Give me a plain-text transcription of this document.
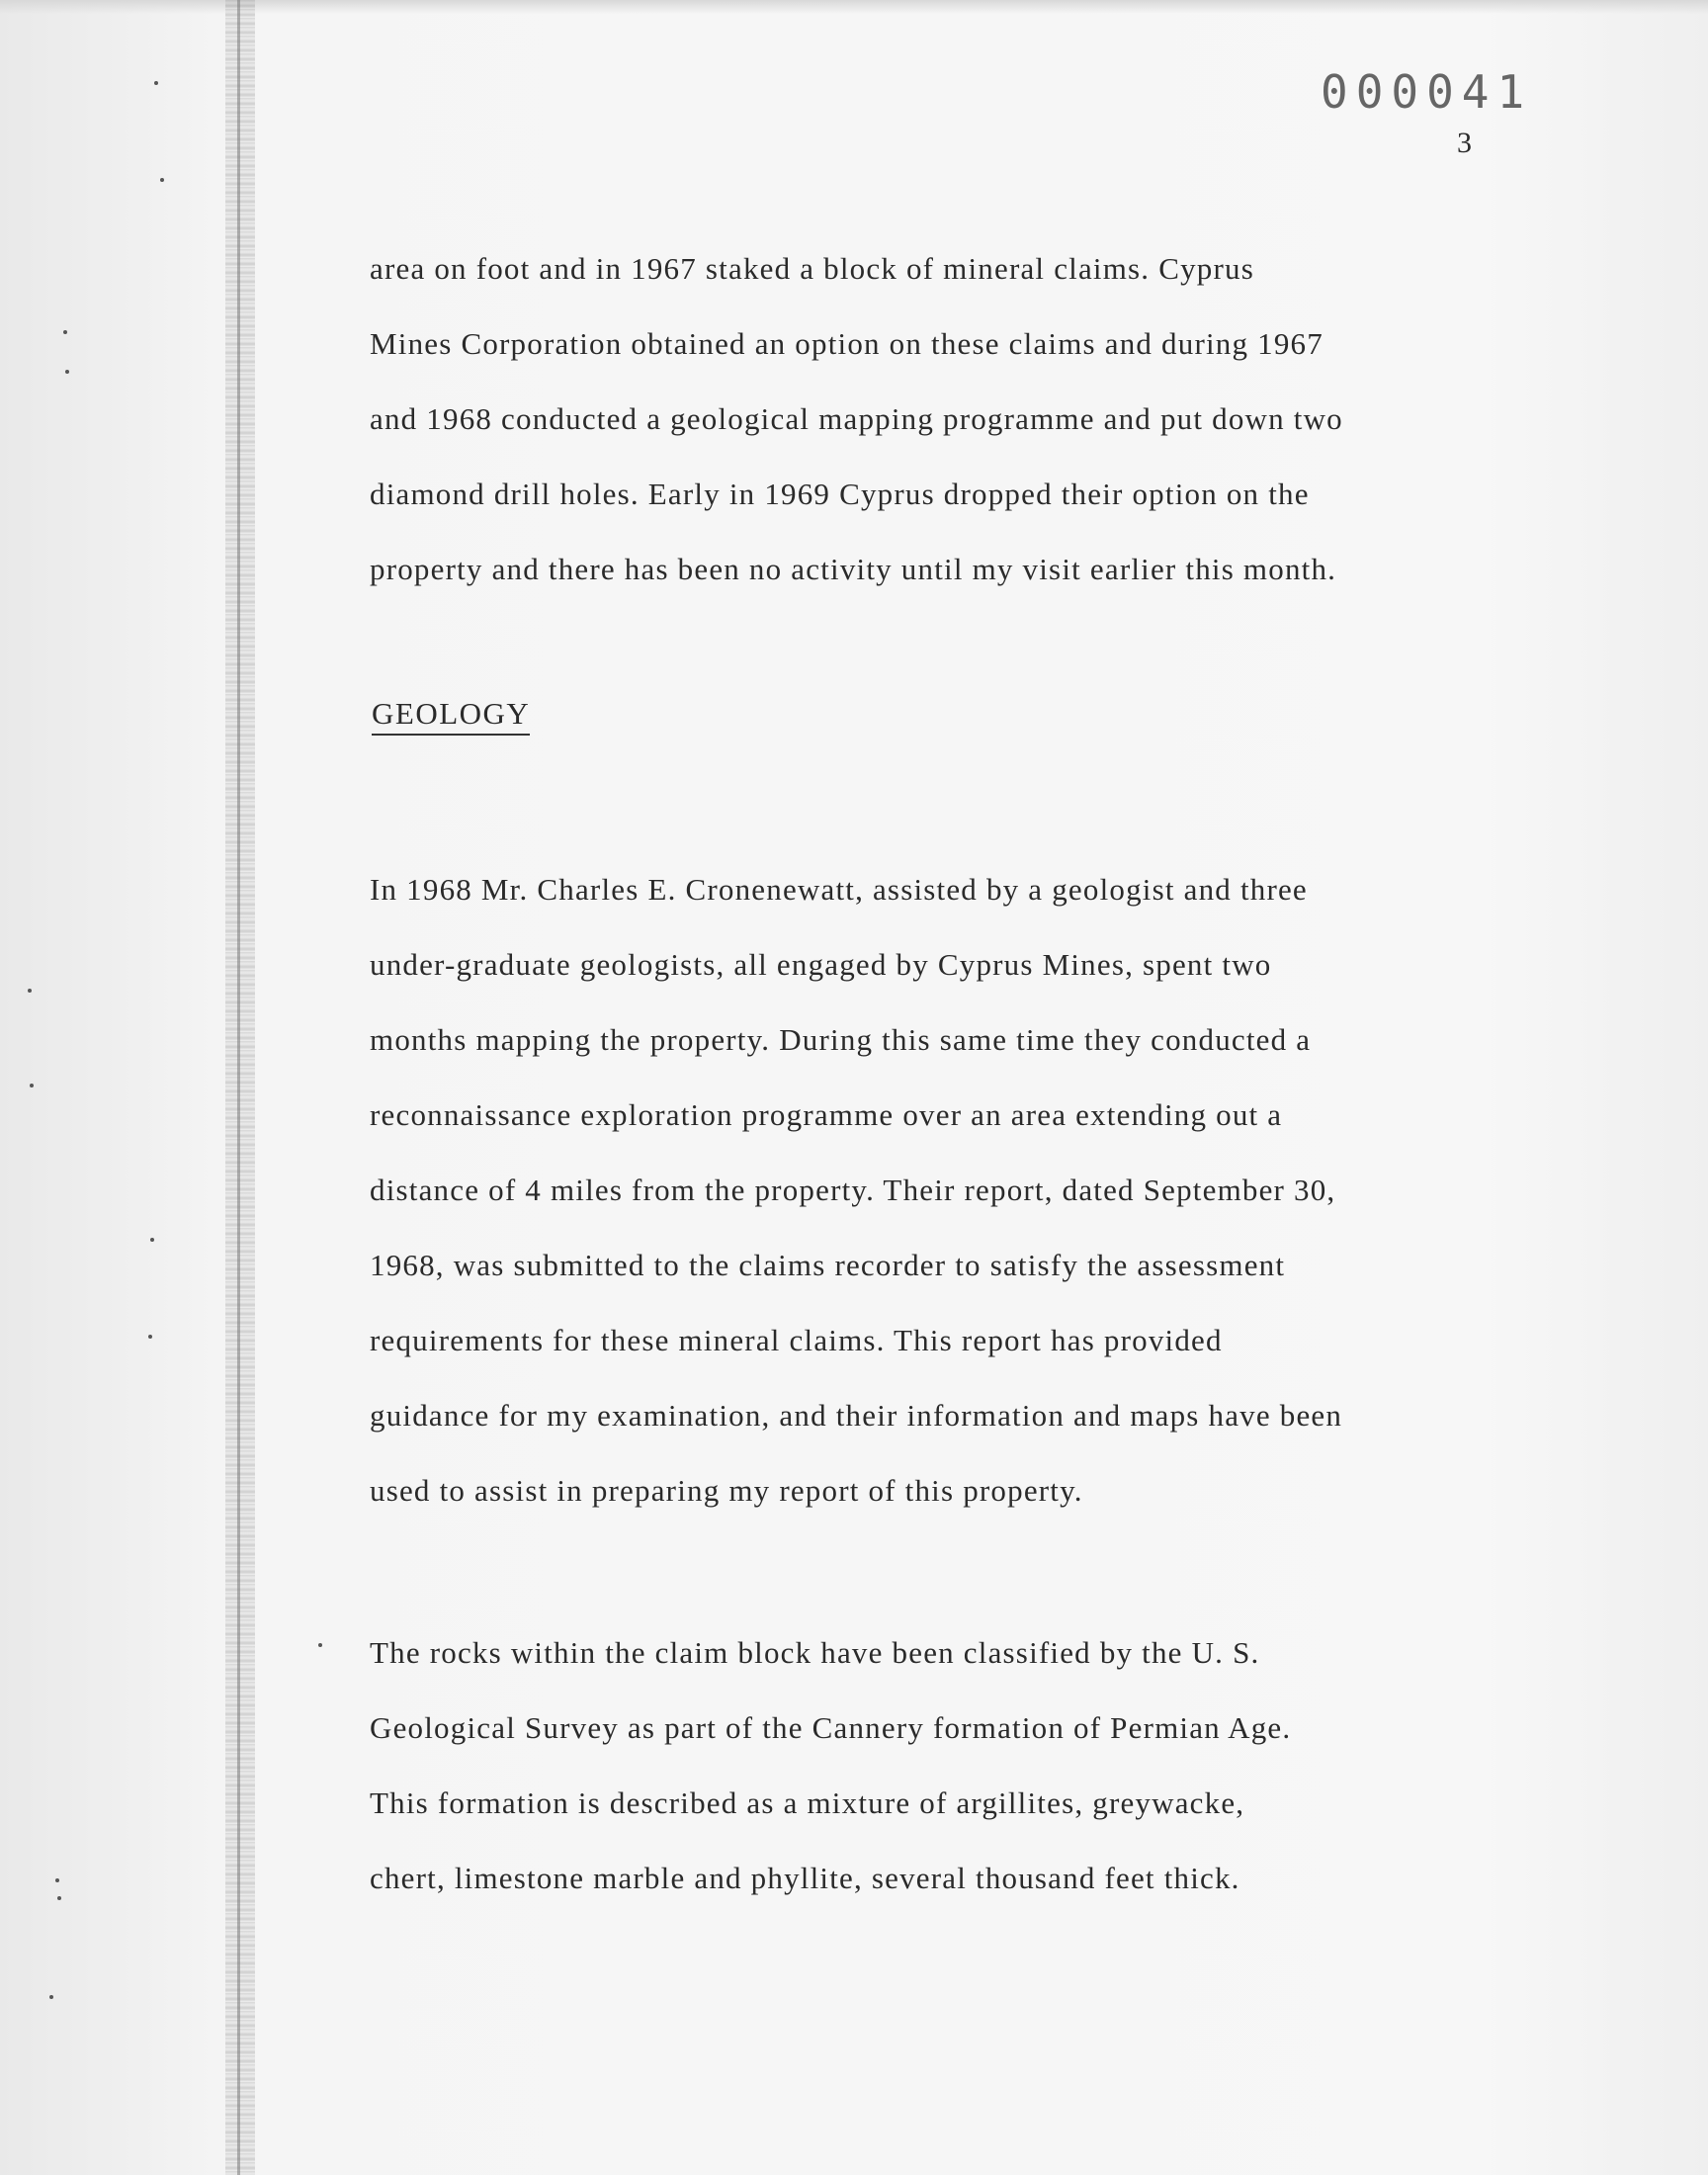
000041
3
area on foot and in 1967 staked a block of mineral claims. Cyprus
Mines Corporation obtained an option on these claims and during 1967
and 1968 conducted a geological mapping programme and put down two
diamond drill holes. Early in 1969 Cyprus dropped their option on the
property and there has been no activity until my visit earlier this month.
GEOLOGY
In 1968 Mr. Charles E. Cronenewatt, assisted by a geologist and three
under-graduate geologists, all engaged by Cyprus Mines, spent two
months mapping the property. During this same time they conducted a
reconnaissance exploration programme over an area extending out a
distance of 4 miles from the property. Their report, dated September 30,
1968, was submitted to the claims recorder to satisfy the assessment
requirements for these mineral claims. This report has provided
guidance for my examination, and their information and maps have been
used to assist in preparing my report of this property.
The rocks within the claim block have been classified by the U. S.
Geological Survey as part of the Cannery formation of Permian Age.
This formation is described as a mixture of argillites, greywacke,
chert, limestone marble and phyllite, several thousand feet thick.
